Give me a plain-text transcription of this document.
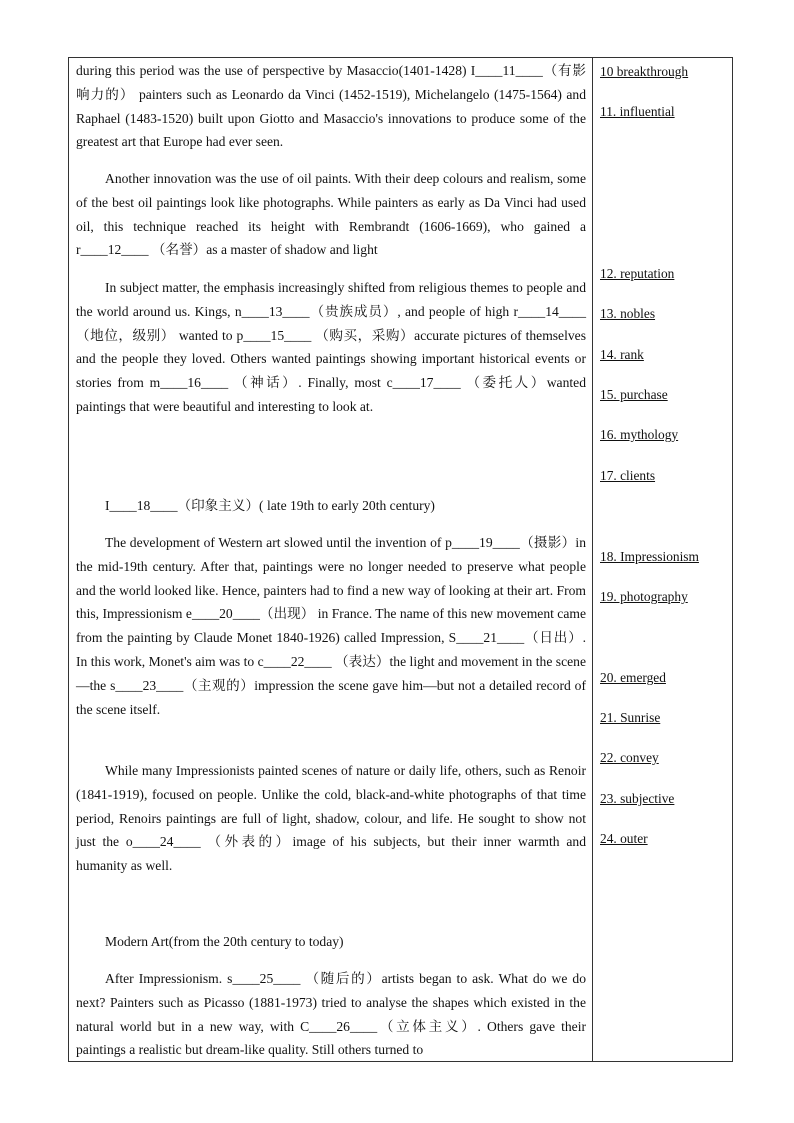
during this period was the use of perspective by Masaccio(1401-1428) I____11____（有影响力的） painters such as Leonardo da Vinci (1452-1519), Michelangelo (1475-1564) and Raphael (1483-1520) built upon Giotto and Masaccio's innovations to produce some of the greatest art that Europe had ever seen.

Another innovation was the use of oil paints. With their deep colours and realism, some of the best oil paintings look like photographs. While painters as early as Da Vinci had used oil, this technique reached its height with Rembrandt (1606-1669), who gained a r____12____ （名誉）as a master of shadow and light

In subject matter, the emphasis increasingly shifted from religious themes to people and the world around us. Kings, n____13____（贵族成员）, and people of high r____14____（地位，级别） wanted to p____15____ （购买，采购）accurate pictures of themselves and the people they loved. Others wanted paintings showing important historical events or stories from m____16____ （神话）. Finally, most c____17____ （委托人）wanted paintings that were beautiful and interesting to look at.

I____18____（印象主义）( late 19th to early 20th century)

The development of Western art slowed until the invention of p____19____（摄影）in the mid-19th century. After that, paintings were no longer needed to preserve what people and the world looked like. Hence, painters had to find a new way of looking at their art. From this, Impressionism e____20____（出现） in France. The name of this new movement came from the painting by Claude Monet 1840-1926) called Impression, S____21____（日出）. In this work, Monet's aim was to c____22____ （表达）the light and movement in the scene—the s____23____（主观的）impression the scene gave him—but not a detailed record of the scene itself.

While many Impressionists painted scenes of nature or daily life, others, such as Renoir (1841-1919), focused on people. Unlike the cold, black-and-white photographs of that time period, Renoirs paintings are full of light, shadow, colour, and life. He sought to show not just the o____24____ （外表的）image of his subjects, but their inner warmth and humanity as well.

Modern Art(from the 20th century to today)

After Impressionism. s____25____ （随后的）artists began to ask. What do we do next? Painters such as Picasso (1881-1973) tried to analyse the shapes which existed in the natural world but in a new way, with C____26____（立体主义）. Others gave their paintings a realistic but dream-like quality. Still others turned to

10 breakthrough
11. influential
12. reputation
13. nobles
14. rank
15. purchase
16. mythology
17. clients
18. Impressionism
19. photography
20. emerged
21. Sunrise
22. convey
23. subjective
24. outer
